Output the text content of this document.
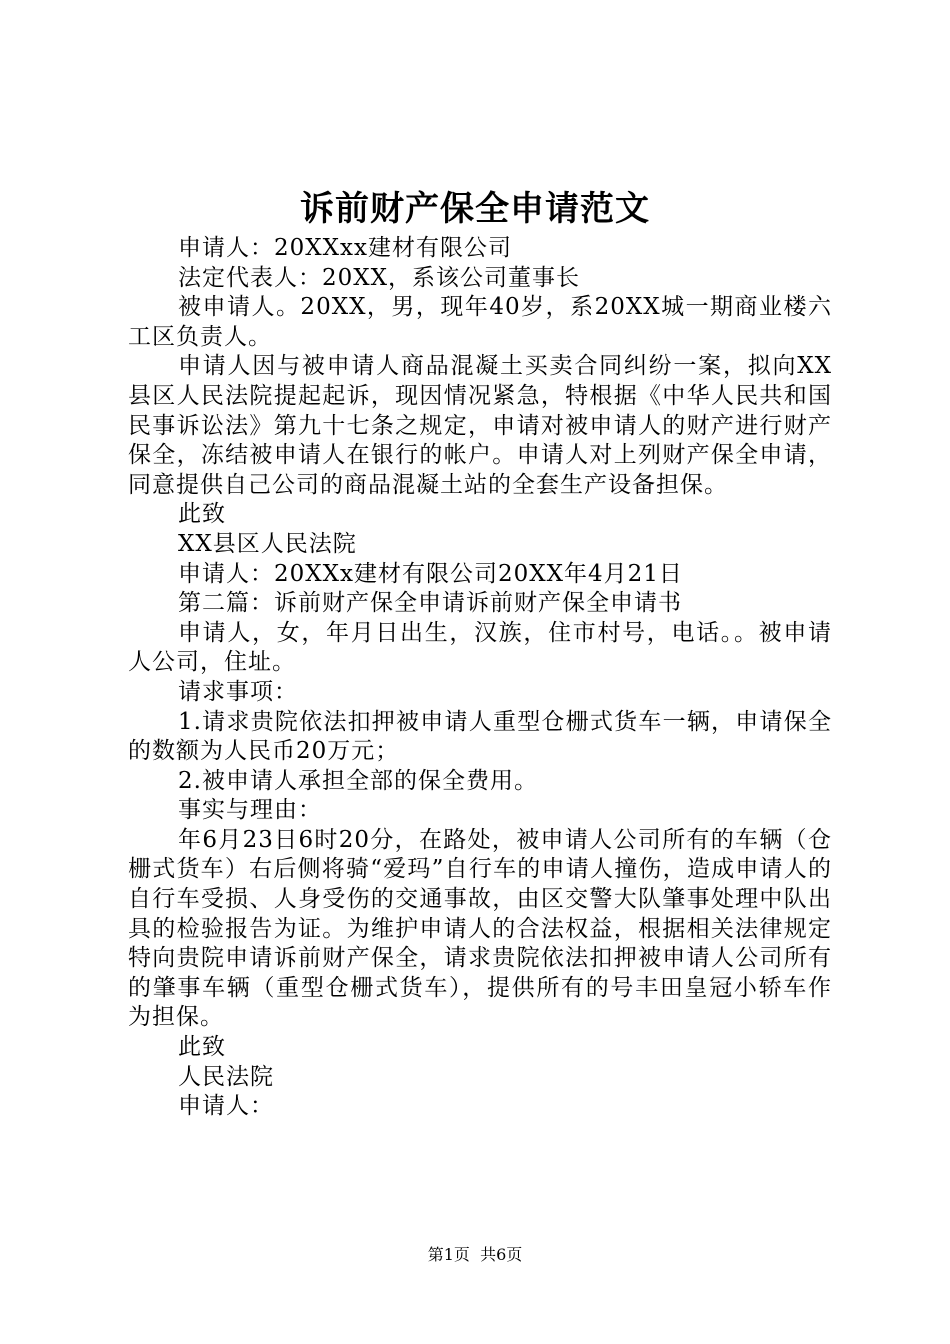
诉前财产保全申请范文

申请人：20XXxx建材有限公司

法定代表人：20XX，系该公司董事长

被申请人。20XX，男，现年40岁，系20XX城一期商业楼六工区负责人。

申请人因与被申请人商品混凝土买卖合同纠纷一案，拟向XX县区人民法院提起起诉，现因情况紧急，特根据《中华人民共和国民事诉讼法》第九十七条之规定，申请对被申请人的财产进行财产保全，冻结被申请人在银行的帐户。申请人对上列财产保全申请，同意提供自己公司的商品混凝土站的全套生产设备担保。

此致

XX县区人民法院

申请人：20XXx建材有限公司20XX年4月21日

第二篇：诉前财产保全申请诉前财产保全申请书

申请人，女，年月日出生，汉族，住市村号，电话。。被申请人公司，住址。

请求事项：

1.请求贵院依法扣押被申请人重型仓栅式货车一辆，申请保全的数额为人民币20万元；

2.被申请人承担全部的保全费用。

事实与理由：

年6月23日6时20分，在路处，被申请人公司所有的车辆（仓栅式货车）右后侧将骑“爱玛”自行车的申请人撞伤，造成申请人的自行车受损、人身受伤的交通事故，由区交警大队肇事处理中队出具的检验报告为证。为维护申请人的合法权益，根据相关法律规定特向贵院申请诉前财产保全，请求贵院依法扣押被申请人公司所有的肇事车辆（重型仓栅式货车），提供所有的号丰田皇冠小轿车作为担保。

此致

人民法院

申请人：

第1页 共6页
